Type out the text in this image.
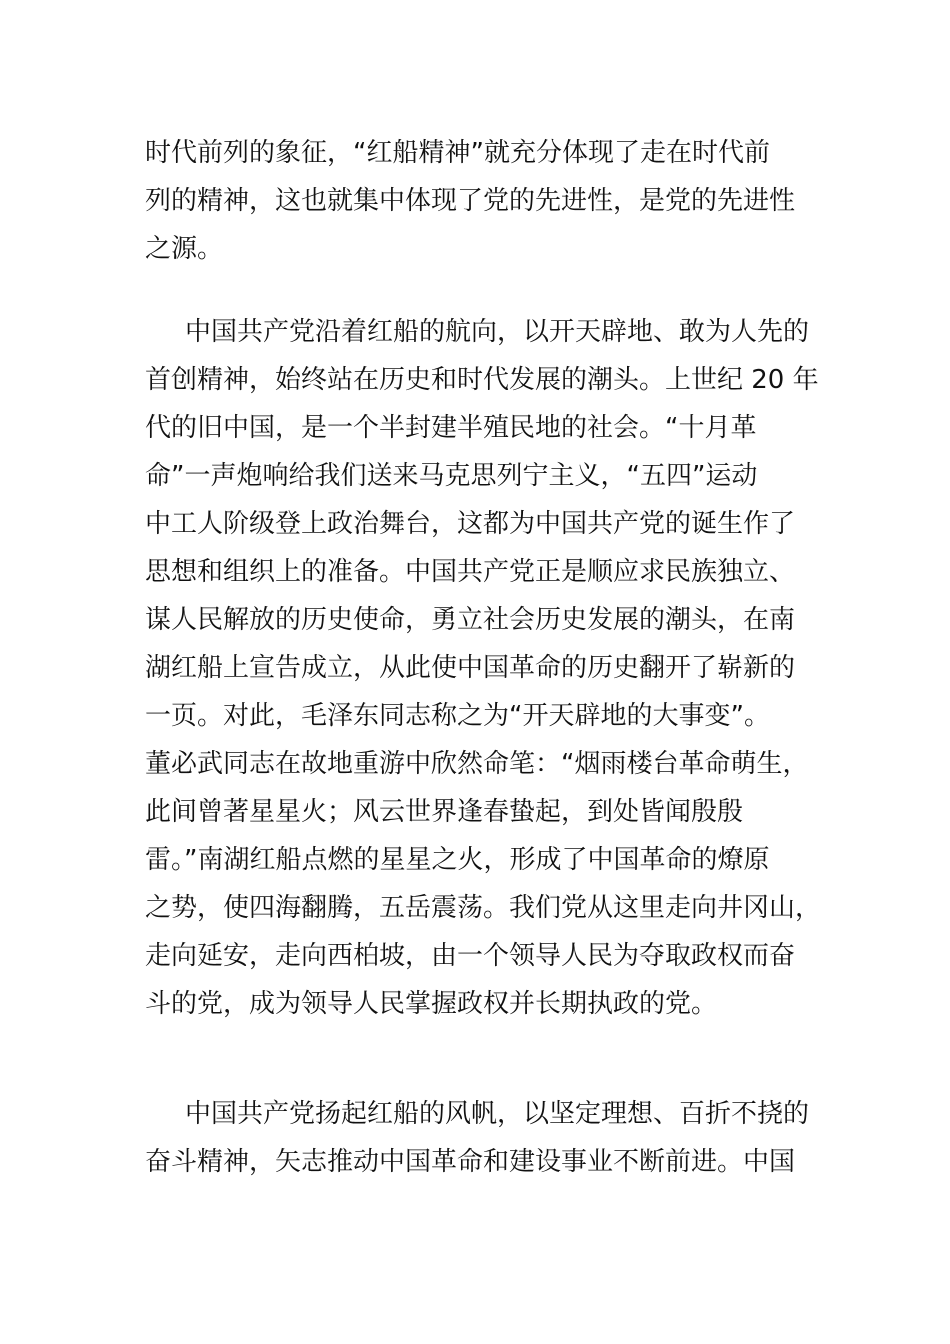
时代前列的象征，“红船精神”就充分体现了走在时代前
列的精神，这也就集中体现了党的先进性，是党的先进性
之源。
中国共产党沿着红船的航向，以开天辟地、敢为人先的
首创精神，始终站在历史和时代发展的潮头。上世纪 20 年
代的旧中国，是一个半封建半殖民地的社会。“十月革
命”一声炮响给我们送来马克思列宁主义，“五四”运动
中工人阶级登上政治舞台，这都为中国共产党的诞生作了
思想和组织上的准备。中国共产党正是顺应求民族独立、
谋人民解放的历史使命，勇立社会历史发展的潮头，在南
湖红船上宣告成立，从此使中国革命的历史翻开了崭新的
一页。对此，毛泽东同志称之为“开天辟地的大事变”。
董必武同志在故地重游中欣然命笔：“烟雨楼台革命萌生，
此间曾著星星火；风云世界逢春蛰起，到处皆闻殷殷
雷。”南湖红船点燃的星星之火，形成了中国革命的燎原
之势，使四海翻腾，五岳震荡。我们党从这里走向井冈山，
走向延安，走向西柏坡，由一个领导人民为夺取政权而奋
斗的党，成为领导人民掌握政权并长期执政的党。
中国共产党扬起红船的风帆，以坚定理想、百折不挠的
奋斗精神，矢志推动中国革命和建设事业不断前进。中国
